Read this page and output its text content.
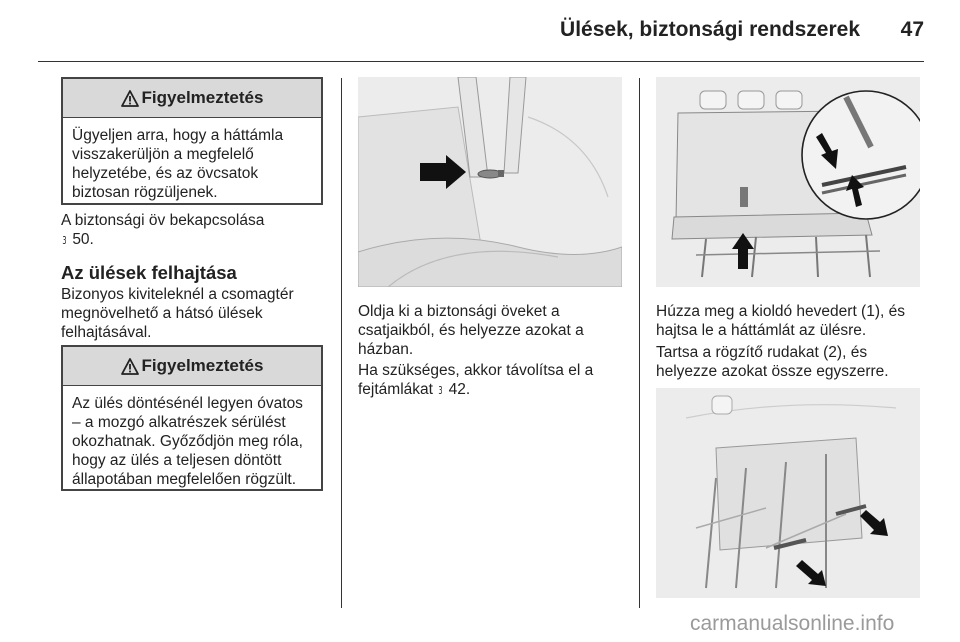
Ülések, biztonsági rendszerek	47
Figyelmeztetés
Ügyeljen arra, hogy a háttámla
visszakerüljön a megfelelő
helyzetébe, és az övcsatok
biztosan rögzüljenek.
A biztonsági öv bekapcsolása
3 50.
Az ülések felhajtása
Bizonyos kiviteleknél a csomagtér
megnövelhető a hátsó ülések
felhajtásával.
Figyelmeztetés
Az ülés döntésénél legyen óvatos
– a mozgó alkatrészek sérülést
okozhatnak. Győződjön meg róla,
hogy az ülés a teljesen döntött
állapotában megfelelően rögzült.
Oldja ki a biztonsági öveket a
csatjaikból, és helyezze azokat a
házban.
Ha szükséges, akkor távolítsa el a
fejtámlákat 3 42.
Húzza meg a kioldó hevedert (1), és
hajtsa le a háttámlát az ülésre.
Tartsa a rögzítő rudakat (2), és
helyezze azokat össze egyszerre.
carmanualsonline.info
